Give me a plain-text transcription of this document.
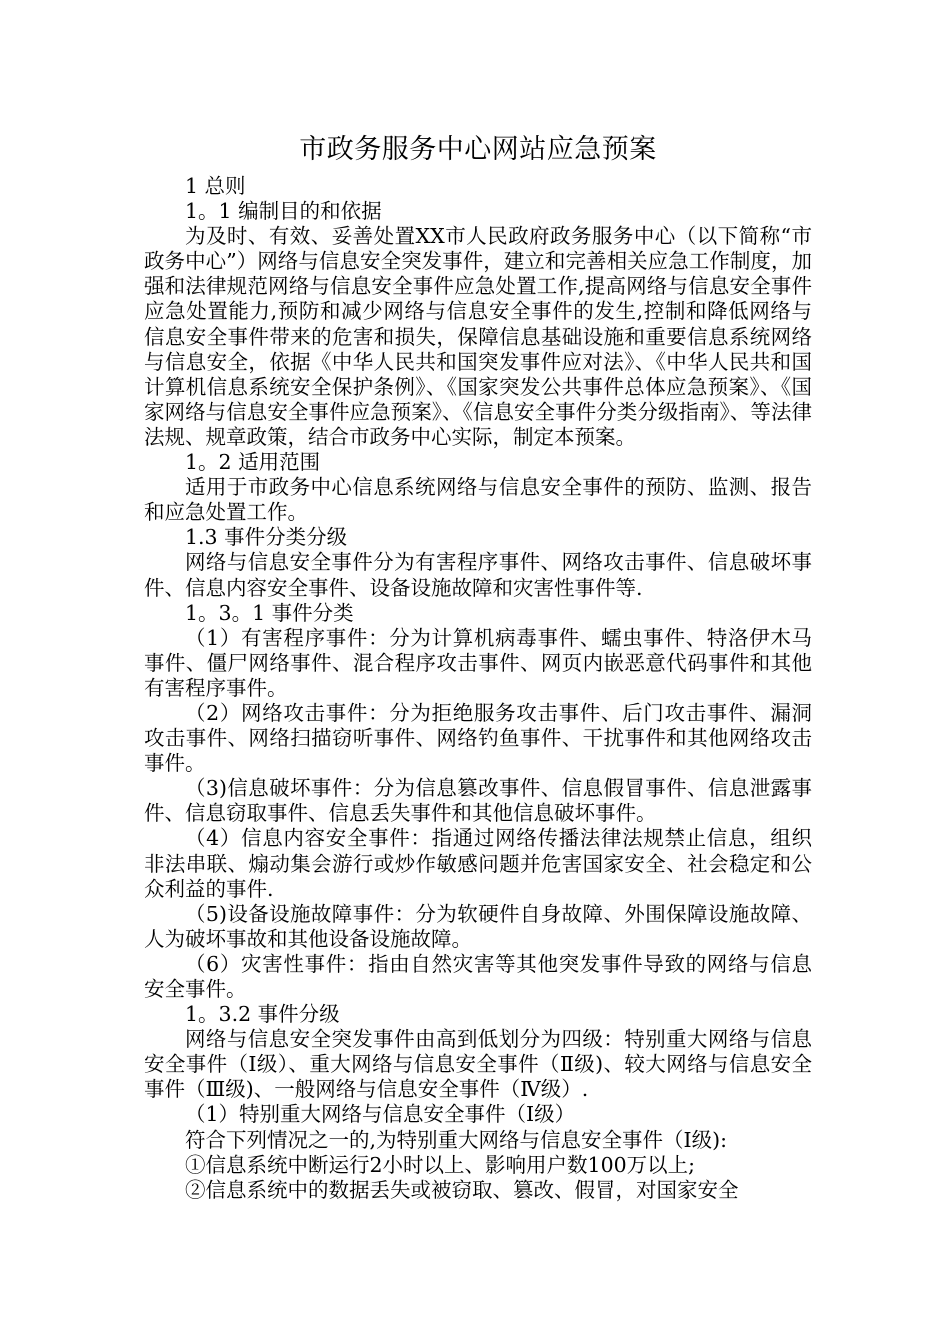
市政务服务中心网站应急预案

1 总则

1。1 编制目的和依据

为及时、有效、妥善处置XX市人民政府政务服务中心（以下简称“市政务中心”）网络与信息安全突发事件，建立和完善相关应急工作制度，加强和法律规范网络与信息安全事件应急处置工作,提高网络与信息安全事件应急处置能力,预防和减少网络与信息安全事件的发生,控制和降低网络与信息安全事件带来的危害和损失，保障信息基础设施和重要信息系统网络与信息安全，依据《中华人民共和国突发事件应对法》、《中华人民共和国计算机信息系统安全保护条例》、《国家突发公共事件总体应急预案》、《国家网络与信息安全事件应急预案》、《信息安全事件分类分级指南》、等法律法规、规章政策，结合市政务中心实际，制定本预案。

1。2 适用范围

适用于市政务中心信息系统网络与信息安全事件的预防、监测、报告和应急处置工作。

1.3 事件分类分级

网络与信息安全事件分为有害程序事件、网络攻击事件、信息破坏事件、信息内容安全事件、设备设施故障和灾害性事件等.

1。3。1 事件分类

（1）有害程序事件：分为计算机病毒事件、蠕虫事件、特洛伊木马事件、僵尸网络事件、混合程序攻击事件、网页内嵌恶意代码事件和其他有害程序事件。

（2）网络攻击事件：分为拒绝服务攻击事件、后门攻击事件、漏洞攻击事件、网络扫描窃听事件、网络钓鱼事件、干扰事件和其他网络攻击事件。

（3)信息破坏事件：分为信息篡改事件、信息假冒事件、信息泄露事件、信息窃取事件、信息丢失事件和其他信息破坏事件。

（4）信息内容安全事件：指通过网络传播法律法规禁止信息，组织非法串联、煽动集会游行或炒作敏感问题并危害国家安全、社会稳定和公众利益的事件.

（5)设备设施故障事件：分为软硬件自身故障、外围保障设施故障、人为破坏事故和其他设备设施故障。

（6）灾害性事件：指由自然灾害等其他突发事件导致的网络与信息安全事件。

1。3.2 事件分级

网络与信息安全突发事件由高到低划分为四级：特别重大网络与信息安全事件（Ⅰ级）、重大网络与信息安全事件（Ⅱ级)、较大网络与信息安全事件（Ⅲ级)、一般网络与信息安全事件（Ⅳ级）.

（1）特别重大网络与信息安全事件（Ⅰ级）

符合下列情况之一的,为特别重大网络与信息安全事件（Ⅰ级):

①信息系统中断运行2小时以上、影响用户数100万以上;

②信息系统中的数据丢失或被窃取、篡改、假冒，对国家安全
